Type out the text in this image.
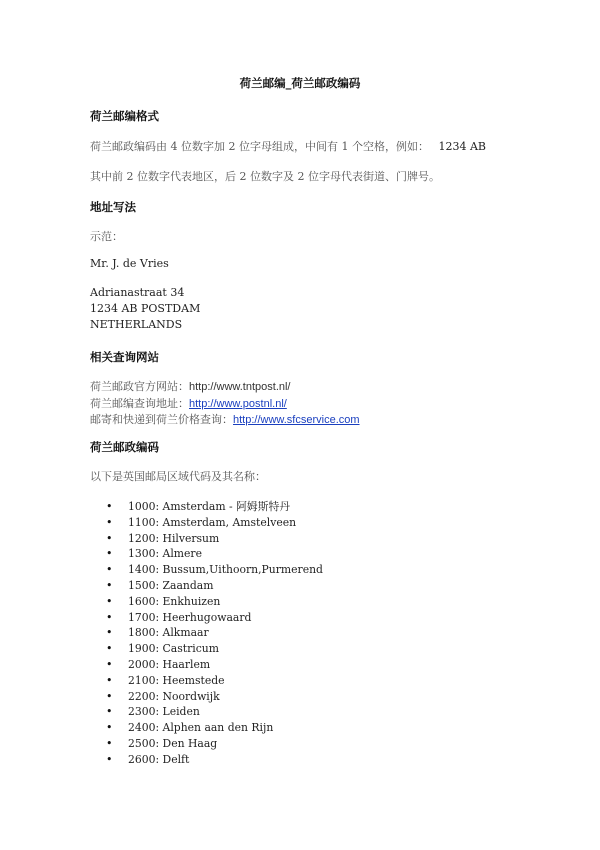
荷兰邮编_荷兰邮政编码
荷兰邮编格式
荷兰邮政编码由 4 位数字加 2 位字母组成，中间有 1 个空格，例如： 1234 AB
其中前 2 位数字代表地区，后 2 位数字及 2 位字母代表街道、门牌号。
地址写法
示范：
Mr. J. de Vries
Adrianastraat 34
1234 AB POSTDAM
NETHERLANDS
相关查询网站
荷兰邮政官方网站：http://www.tntpost.nl/
荷兰邮编查询地址：http://www.postnl.nl/
邮寄和快递到荷兰价格查询：http://www.sfcservice.com
荷兰邮政编码
以下是英国邮局区域代码及其名称：
• 1000: Amsterdam - 阿姆斯特丹
• 1100: Amsterdam, Amstelveen
• 1200: Hilversum
• 1300: Almere
• 1400: Bussum,Uithoorn,Purmerend
• 1500: Zaandam
• 1600: Enkhuizen
• 1700: Heerhugowaard
• 1800: Alkmaar
• 1900: Castricum
• 2000: Haarlem
• 2100: Heemstede
• 2200: Noordwijk
• 2300: Leiden
• 2400: Alphen aan den Rijn
• 2500: Den Haag
• 2600: Delft
